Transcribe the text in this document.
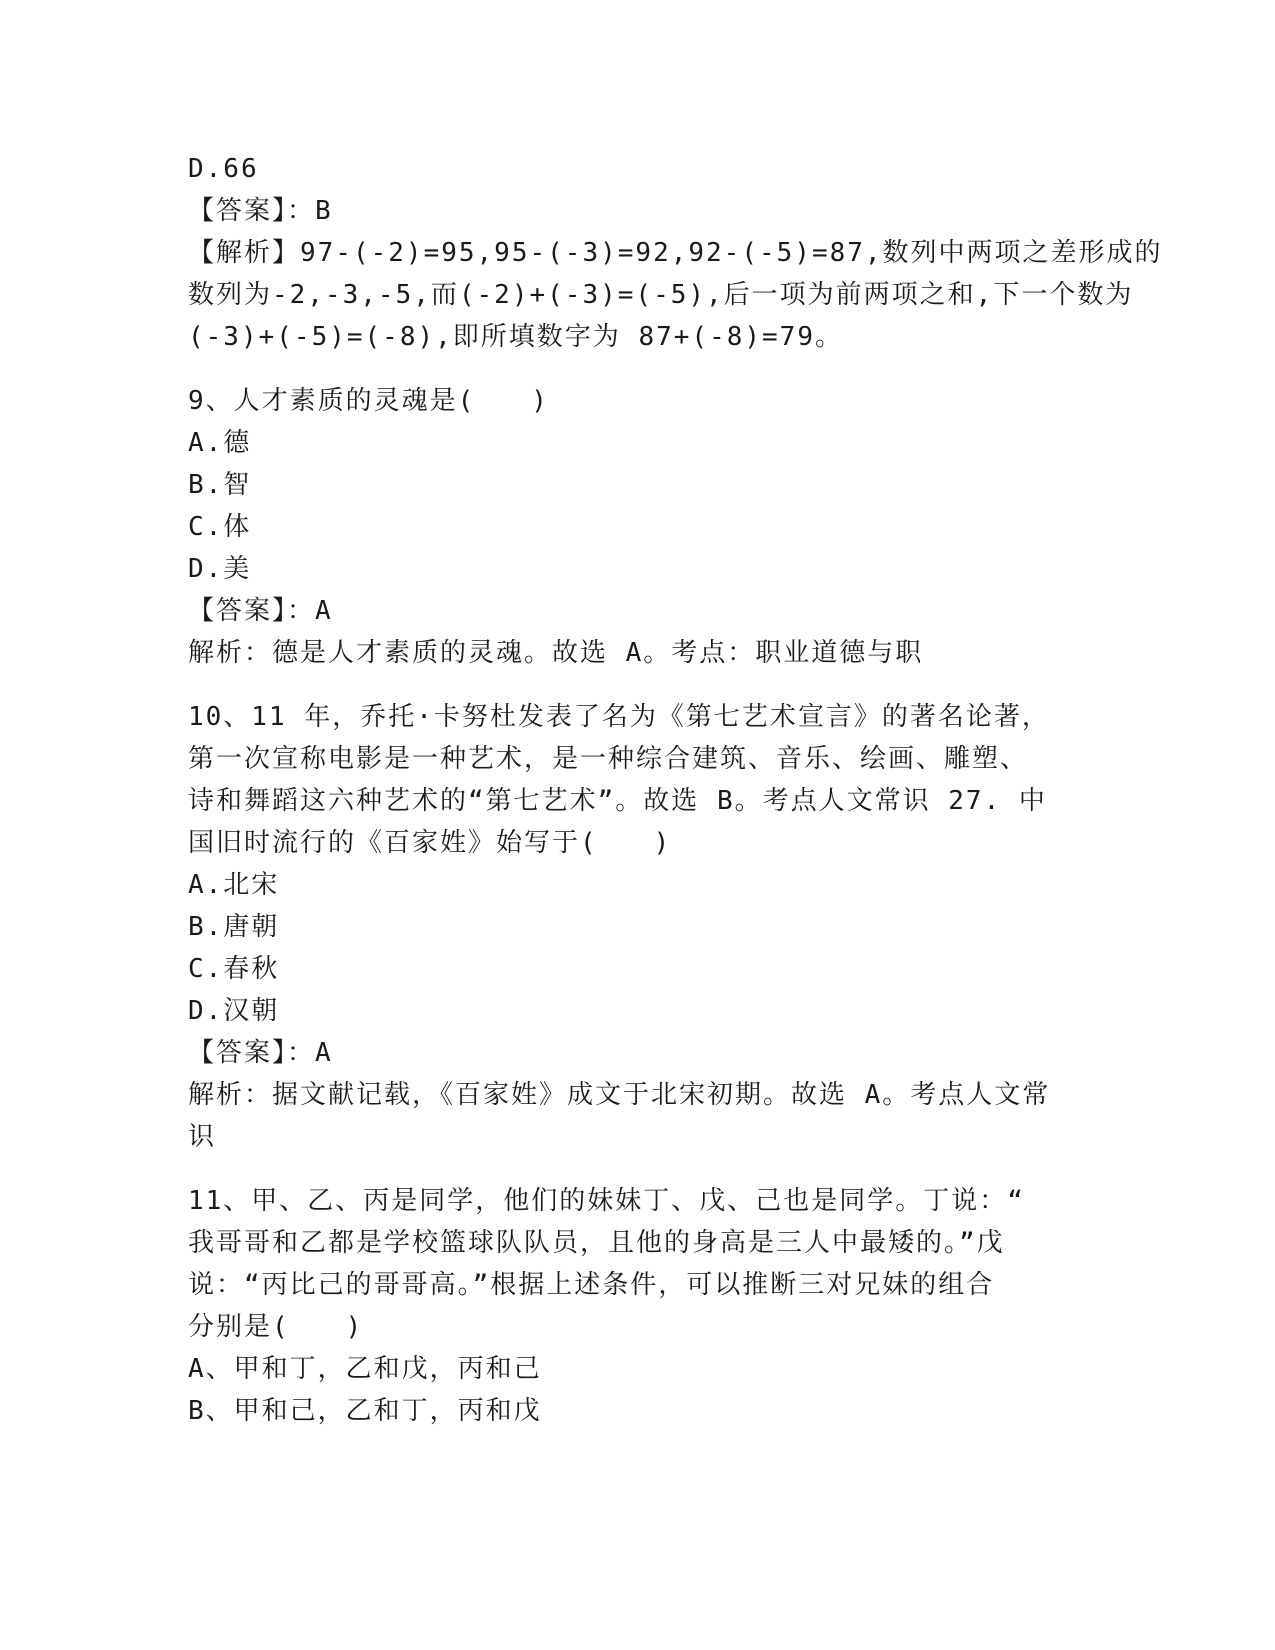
D.66
【答案】：B
【解析】97-(-2)=95,95-(-3)=92,92-(-5)=87,数列中两项之差形成的
数列为-2,-3,-5,而(-2)+(-3)=(-5),后一项为前两项之和,下一个数为
(-3)+(-5)=(-8),即所填数字为 87+(-8)=79。
9、人才素质的灵魂是(　　)
A.德
B.智
C.体
D.美
【答案】：A
解析：德是人才素质的灵魂。故选 A。考点：职业道德与职
10、11 年，乔托·卡努杜发表了名为《第七艺术宣言》的著名论著，
第一次宣称电影是一种艺术，是一种综合建筑、音乐、绘画、雕塑、
诗和舞蹈这六种艺术的“第七艺术”。故选 B。考点人文常识 27. 中
国旧时流行的《百家姓》始写于(　　)
A.北宋
B.唐朝
C.春秋
D.汉朝
【答案】：A
解析：据文献记载，《百家姓》成文于北宋初期。故选 A。考点人文常
识
11、甲、乙、丙是同学，他们的妹妹丁、戊、己也是同学。丁说：“
我哥哥和乙都是学校篮球队队员，且他的身高是三人中最矮的。”戊
说：“丙比己的哥哥高。”根据上述条件，可以推断三对兄妹的组合
分别是(　　)
A、甲和丁，乙和戊，丙和己
B、甲和己，乙和丁，丙和戊
